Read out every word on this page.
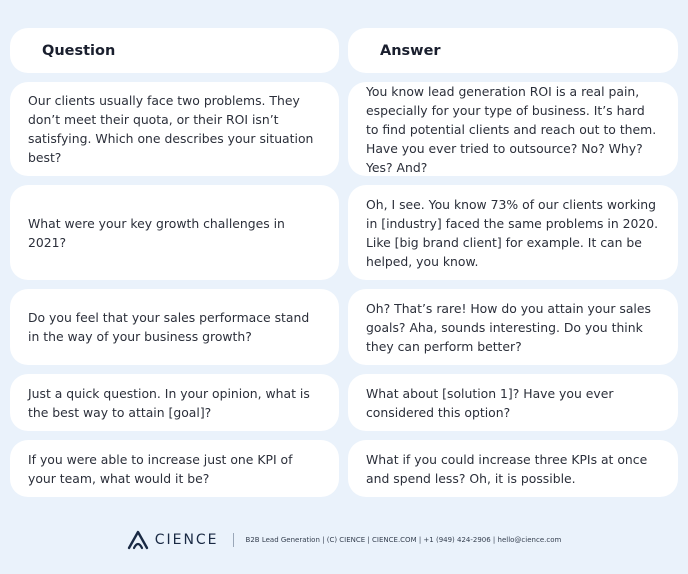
Question	Answer
Our clients usually face two problems. They don’t meet their quota, or their ROI isn’t satisfying. Which one describes your situation best?
You know lead generation ROI is a real pain, especially for your type of business. It’s hard to find potential clients and reach out to them. Have you ever tried to outsource? No? Why? Yes? And?
What were your key growth challenges in 2021?
Oh, I see. You know 73% of our clients working in [industry] faced the same problems in 2020. Like [big brand client] for example. It can be helped, you know.
Do you feel that your sales performace stand in the way of your business growth?
Oh? That’s rare! How do you attain your sales goals? Aha, sounds interesting. Do you think they can perform better?
Just a quick question. In your opinion, what is the best way to attain [goal]?
What about [solution 1]? Have you ever considered this option?
If you were able to increase just one KPI of your team, what would it be?
What if you could increase three KPIs at once and spend less? Oh, it is possible.
CIENCE	B2B Lead Generation | (C) CIENCE | CIENCE.COM | +1 (949) 424-2906 | hello@cience.com
